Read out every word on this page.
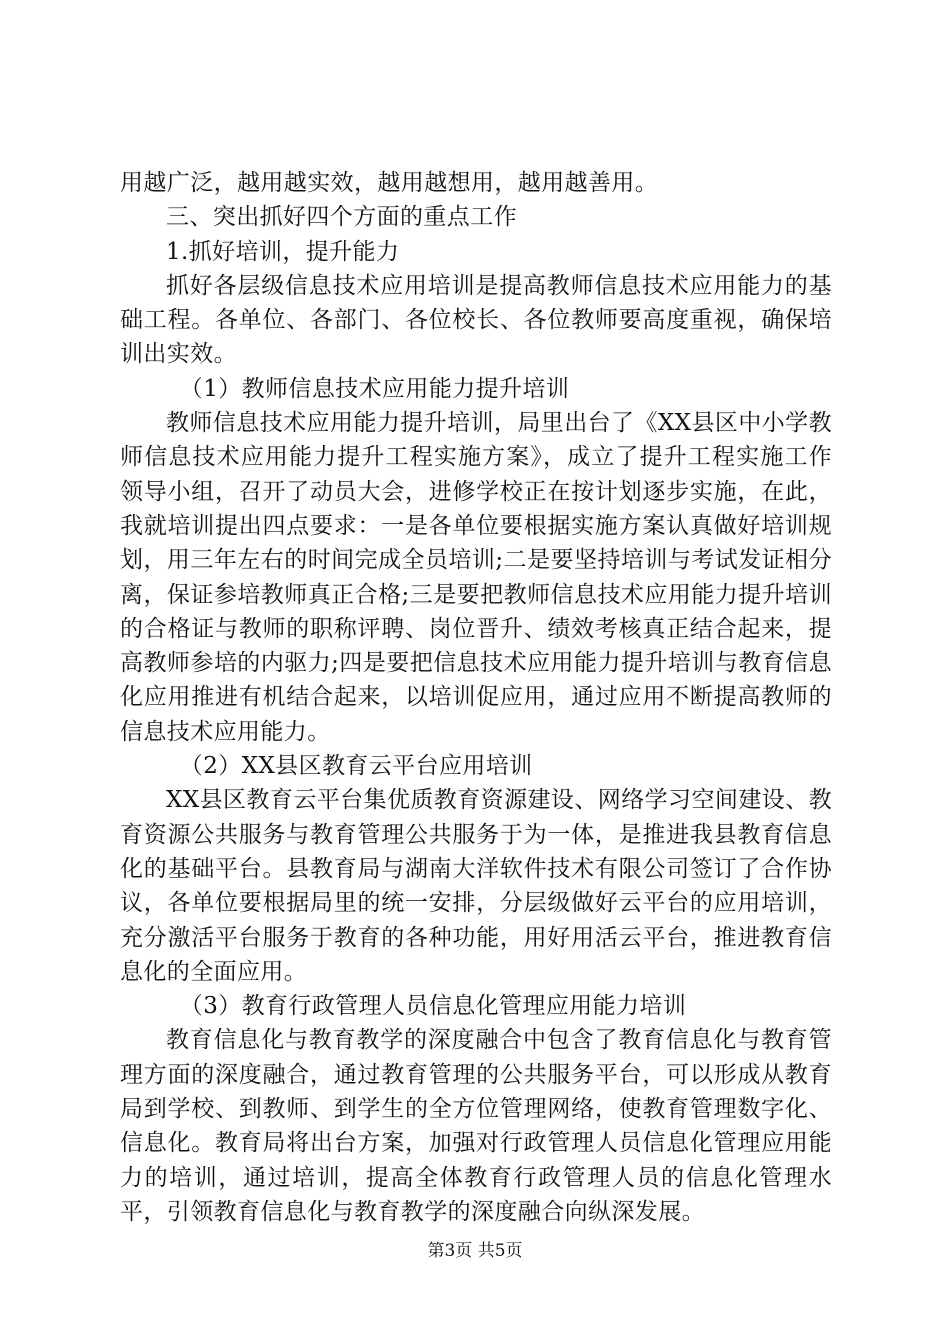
用越广泛，越用越实效，越用越想用，越用越善用。

三、突出抓好四个方面的重点工作

1.抓好培训，提升能力

抓好各层级信息技术应用培训是提高教师信息技术应用能力的基础工程。各单位、各部门、各位校长、各位教师要高度重视，确保培训出实效。

（1）教师信息技术应用能力提升培训

教师信息技术应用能力提升培训，局里出台了《XX县区中小学教师信息技术应用能力提升工程实施方案》，成立了提升工程实施工作领导小组，召开了动员大会，进修学校正在按计划逐步实施，在此，我就培训提出四点要求：一是各单位要根据实施方案认真做好培训规划，用三年左右的时间完成全员培训;二是要坚持培训与考试发证相分离，保证参培教师真正合格;三是要把教师信息技术应用能力提升培训的合格证与教师的职称评聘、岗位晋升、绩效考核真正结合起来，提高教师参培的内驱力;四是要把信息技术应用能力提升培训与教育信息化应用推进有机结合起来，以培训促应用，通过应用不断提高教师的信息技术应用能力。

（2）XX县区教育云平台应用培训

XX县区教育云平台集优质教育资源建设、网络学习空间建设、教育资源公共服务与教育管理公共服务于为一体，是推进我县教育信息化的基础平台。县教育局与湖南大洋软件技术有限公司签订了合作协议，各单位要根据局里的统一安排，分层级做好云平台的应用培训，充分激活平台服务于教育的各种功能，用好用活云平台，推进教育信息化的全面应用。

（3）教育行政管理人员信息化管理应用能力培训

教育信息化与教育教学的深度融合中包含了教育信息化与教育管理方面的深度融合，通过教育管理的公共服务平台，可以形成从教育局到学校、到教师、到学生的全方位管理网络，使教育管理数字化、信息化。教育局将出台方案，加强对行政管理人员信息化管理应用能力的培训，通过培训，提高全体教育行政管理人员的信息化管理水平，引领教育信息化与教育教学的深度融合向纵深发展。

第3页 共5页
